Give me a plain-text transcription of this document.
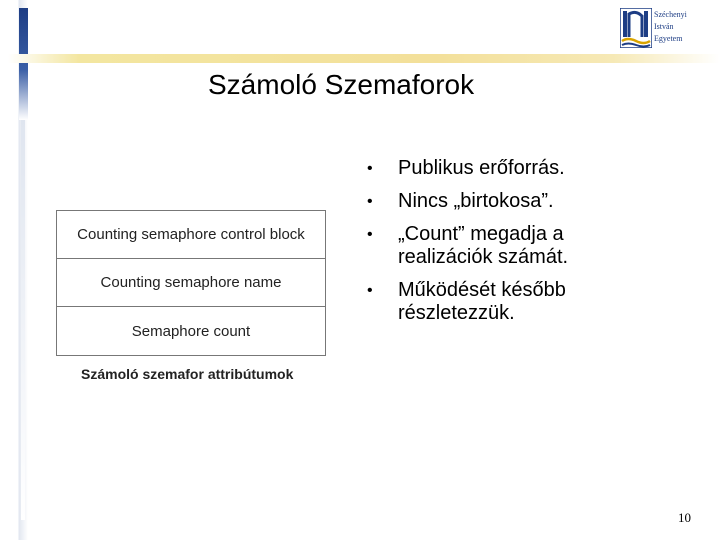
Széchenyi
István
Egyetem
Számoló Szemaforok
• Publikus erőforrás.
• Nincs „birtokosa”.
• „Count” megadja a realizációk számát.
• Működését később részletezzük.
Counting semaphore control block
Counting semaphore name
Semaphore count
Számoló szemafor attribútumok
10
